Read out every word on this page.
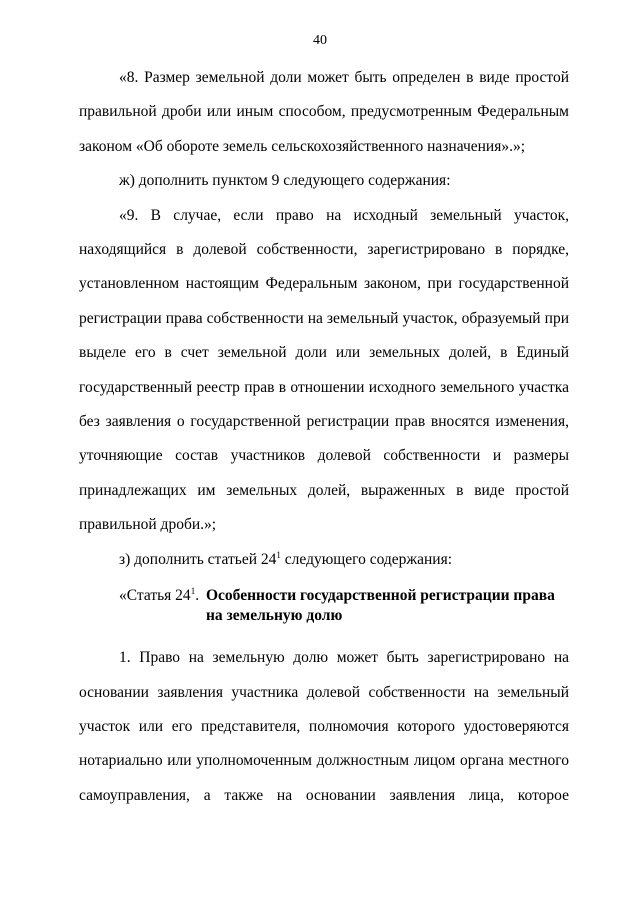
40

«8. Размер земельной доли может быть определен в виде простой правильной дроби или иным способом, предусмотренным Федеральным законом «Об обороте земель сельскохозяйственного назначения».»;

ж) дополнить пунктом 9 следующего содержания:

«9. В случае, если право на исходный земельный участок, находящийся в долевой собственности, зарегистрировано в порядке, установленном настоящим Федеральным законом, при государственной регистрации права собственности на земельный участок, образуемый при выделе его в счет земельной доли или земельных долей, в Единый государственный реестр прав в отношении исходного земельного участка без заявления о государственной регистрации прав вносятся изменения, уточняющие состав участников долевой собственности и размеры принадлежащих им земельных долей, выраженных в виде простой правильной дроби.»;

з) дополнить статьей $24^1$ следующего содержания:

«Статья $24^1$. Особенности государственной регистрации права на земельную долю

1. Право на земельную долю может быть зарегистрировано на основании заявления участника долевой собственности на земельный участок или его представителя, полномочия которого удостоверяются нотариально или уполномоченным должностным лицом органа местного самоуправления, а также на основании заявления лица, которое
